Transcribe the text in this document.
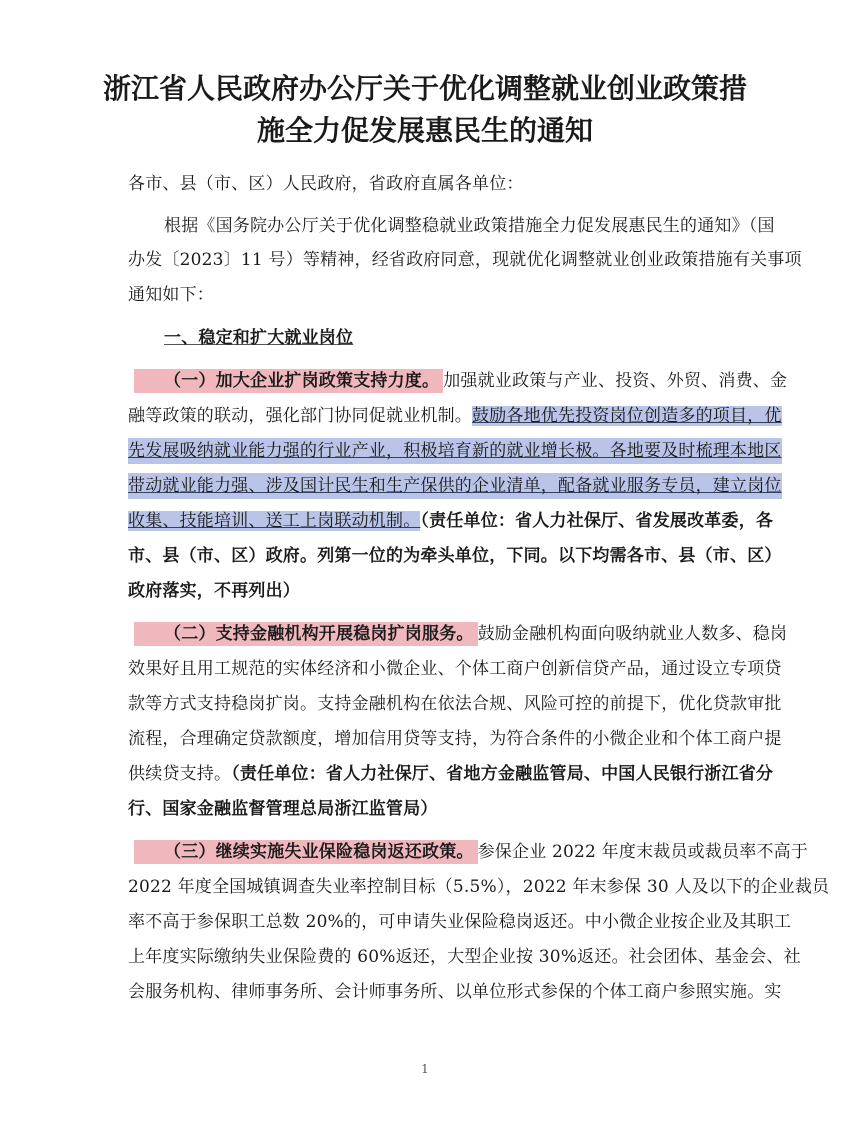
浙江省人民政府办公厅关于优化调整就业创业政策措
施全力促发展惠民生的通知
各市、县（市、区）人民政府，省政府直属各单位：
根据《国务院办公厅关于优化调整稳就业政策措施全力促发展惠民生的通知》（国
办发〔2023〕11 号）等精神，经省政府同意，现就优化调整就业创业政策措施有关事项
通知如下：
一、稳定和扩大就业岗位
（一）加大企业扩岗政策支持力度。 加强就业政策与产业、投资、外贸、消费、金
融等政策的联动，强化部门协同促就业机制。鼓励各地优先投资岗位创造多的项目，优
先发展吸纳就业能力强的行业产业，积极培育新的就业增长极。各地要及时梳理本地区
带动就业能力强、涉及国计民生和生产保供的企业清单，配备就业服务专员，建立岗位
收集、技能培训、送工上岗联动机制。（责任单位：省人力社保厅、省发展改革委，各
市、县（市、区）政府。列第一位的为牵头单位，下同。以下均需各市、县（市、区）
政府落实，不再列出）
（二）支持金融机构开展稳岗扩岗服务。 鼓励金融机构面向吸纳就业人数多、稳岗
效果好且用工规范的实体经济和小微企业、个体工商户创新信贷产品，通过设立专项贷
款等方式支持稳岗扩岗。支持金融机构在依法合规、风险可控的前提下，优化贷款审批
流程，合理确定贷款额度，增加信用贷等支持，为符合条件的小微企业和个体工商户提
供续贷支持。（责任单位：省人力社保厅、省地方金融监管局、中国人民银行浙江省分
行、国家金融监督管理总局浙江监管局）
（三）继续实施失业保险稳岗返还政策。 参保企业 2022 年度末裁员或裁员率不高于
2022 年度全国城镇调查失业率控制目标（5.5%），2022 年末参保 30 人及以下的企业裁员
率不高于参保职工总数 20%的，可申请失业保险稳岗返还。中小微企业按企业及其职工
上年度实际缴纳失业保险费的 60%返还，大型企业按 30%返还。社会团体、基金会、社
会服务机构、律师事务所、会计师事务所、以单位形式参保的个体工商户参照实施。实
1
